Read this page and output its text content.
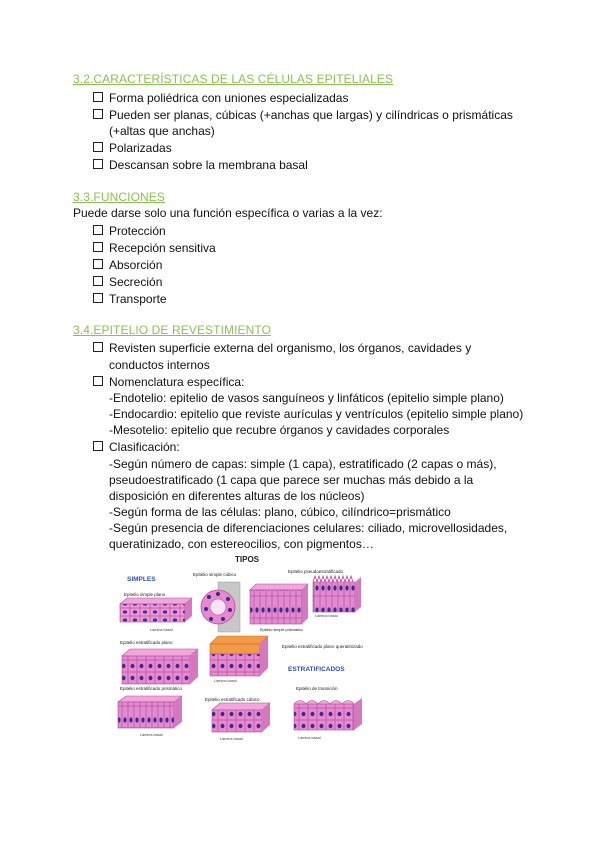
3.2.CARACTERÍSTICAS DE LAS CÉLULAS EPITELIALES
Forma poliédrica con uniones especializadas
Pueden ser planas, cúbicas (+anchas que largas) y cilíndricas o prismáticas
(+altas que anchas)
Polarizadas
Descansan sobre la membrana basal
3.3.FUNCIONES
Puede darse solo una función específica o varias a la vez:
Protección
Recepción sensitiva
Absorción
Secreción
Transporte
3.4.EPITELIO DE REVESTIMIENTO
Revisten superficie externa del organismo, los órganos, cavidades y
conductos internos
Nomenclatura específica:
-Endotelio: epitelio de vasos sanguíneos y linfáticos (epitelio simple plano)
-Endocardio: epitelio que reviste aurículas y ventrículos (epitelio simple plano)
-Mesotelio: epitelio que recubre órganos y cavidades corporales
Clasificación:
-Según número de capas: simple (1 capa), estratificado (2 capas o más),
pseudoestratificado (1 capa que parece ser muchas más debido a la
disposición en diferentes alturas de los núcleos)
-Según forma de las células: plano, cúbico, cilíndrico=prismático
-Según presencia de diferenciaciones celulares: ciliado, microvellosidades,
queratinizado, con estereocilios, con pigmentos…
TIPOS
SIMPLES
Epitelio simple plano
Lámina basal
Epitelio simple cúbico
Epitelio simple prismático
Epitelio pseudoestratificado
Lámina basal
Epitelio estratificado plano
Lámina basal
Epitelio estratificado plano queratinizado
ESTRATIFICADOS
Epitelio estratificado prismático
Lámina basal
Epitelio estratificado cúbico
Lámina basal
Epitelio de transición
Lámina basal
